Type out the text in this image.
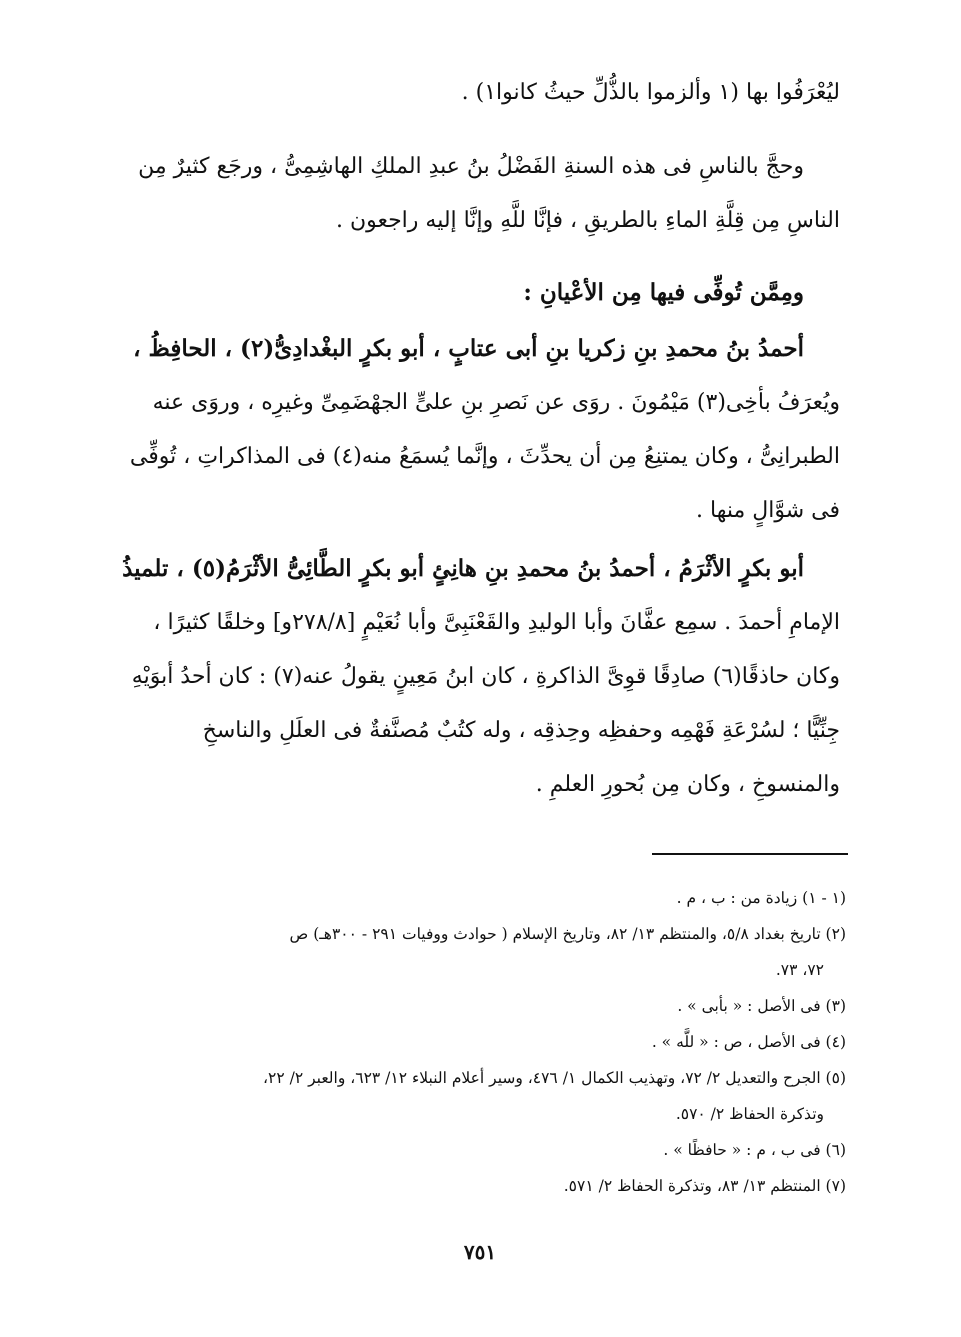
ليُعْرَفُوا بها (١ وألزموا بالذُّلِّ حيثُ كانوا١) .
وحجَّ بالناسِ فى هذه السنةِ الفَضْلُ بنُ عبدِ الملكِ الهاشِمِىُّ ، ورجَع كثيرٌ مِن
الناسِ مِن قِلَّةِ الماءِ بالطريقِ ، فإنَّا للَّهِ وإنَّا إليه راجعون .
ومِمَّن تُوفِّى فيها مِن الأعْيانِ :
أحمدُ بنُ محمدِ بنِ زكريا بنِ أبى عتابٍ ، أبو بكرٍ البغْدادِىُّ(٢) ، الحافِظُ ،
ويُعرَفُ بأخِى(٣) مَيْمُونَ . روَى عن نَصرِ بنِ علىٍّ الجهْضَمِىِّ وغيرِه ، وروَى عنه
الطبرانِىُّ ، وكان يمتنِعُ مِن أن يحدِّثَ ، وإنَّما يُسمَعُ منه(٤) فى المذاكراتِ ، تُوفِّى
فى شوَّالٍ منها .
أبو بكرٍ الأثْرَمُ ، أحمدُ بنُ محمدِ بنِ هانِئٍ أبو بكرٍ الطَّائِىُّ الأثْرَمُ(٥) ، تلميذُ
الإمامِ أحمدَ . سمِع عفَّانَ وأبا الوليدِ والقَعْنَبِىَّ وأبا نُعَيْمٍ [٢٧٨/٨و] وخلقًا كثيرًا ،
وكان حاذقًا(٦) صادِقًا قوِىَّ الذاكرةِ ، كان ابنُ مَعِينٍ يقولُ عنه(٧) : كان أحدُ أبوَيْهِ
جِنِّيًّا ؛ لسُرْعَةِ فَهْمِه وحفظِه وحِذقِه ، وله كتُبٌ مُصنَّفةٌ فى العلَلِ والناسخِ
والمنسوخِ ، وكان مِن بُحورِ العلمِ .
(١ - ١) زيادة من : ب ، م .
(٢) تاريخ بغداد ٥/٨، والمنتظم ١٣/ ٨٢، وتاريخ الإسلام ( حوادث ووفيات ٢٩١ - ٣٠٠هـ) ص
٧٢، ٧٣.
(٣) فى الأصل : « بأبى » .
(٤) فى الأصل ، ص : « للَّه » .
(٥) الجرح والتعديل ٢/ ٧٢، وتهذيب الكمال ١/ ٤٧٦، وسير أعلام النبلاء ١٢/ ٦٢٣، والعبر ٢/ ٢٢،
وتذكرة الحفاظ ٢/ ٥٧٠.
(٦) فى ب ، م : « حافظًا » .
(٧) المنتظم ١٣/ ٨٣، وتذكرة الحفاظ ٢/ ٥٧١.
٧٥١
